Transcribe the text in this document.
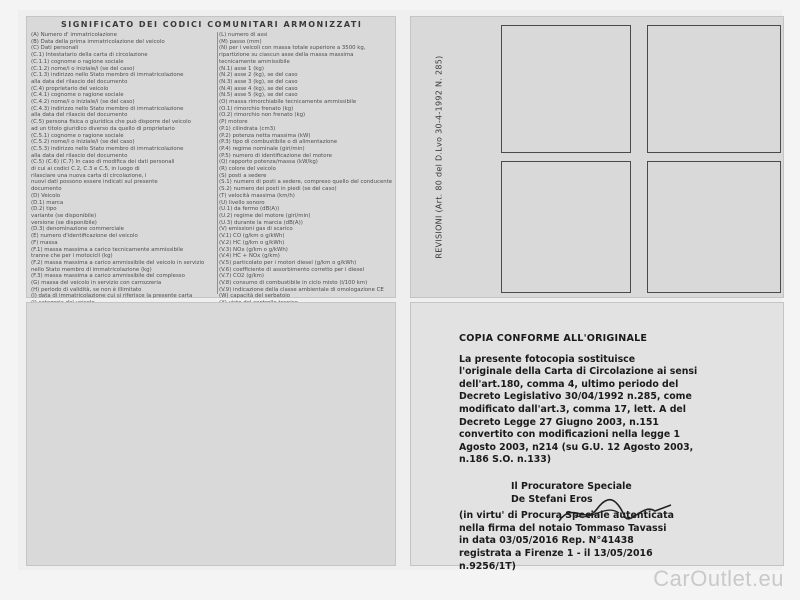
SIGNIFICATO DEI CODICI COMUNITARI ARMONIZZATI
(A) Numero d' immatricolazione
(B) Data della prima immatricolazione del veicolo
(C) Dati personali
(C.1) Intestatario della carta di circolazione
(C.1.1) cognome o ragione sociale
(C.1.2) nome/i o iniziale/i (se del caso)
(C.1.3) indirizzo nello Stato membro di immatricolazione
alla data del rilascio del documento
(C.4) proprietario del veicolo
(C.4.1) cognome o ragione sociale
(C.4.2) nome/i o iniziale/i (se del caso)
(C.4.3) indirizzo nello Stato membro di immatricolazione
alla data del rilascio del documento
(C.5) persona fisica o giuridica che può disporre del veicolo
ad un titolo giuridico diverso da quello di proprietario
(C.5.1) cognome o ragione sociale
(C.5.2) nome/i o iniziale/i (se del caso)
(C.5.3) indirizzo nello Stato membro di immatricolazione
alla data del rilascio del documento
(C.5) (C.6) (C.7) In caso di modifica dei dati personali
di cui ai codici C.2, C.3 e C.5, in luogo di
rilasciare una nuova carta di circolazione, i
nuovi dati possono essere indicati sul presente
documento
(D) Veicolo
(D.1) marca
(D.2) tipo
variante (se disponibile)
versione (se disponibile)
(D.3) denominazione commerciale
(E) numero d'identificazione del veicolo
(F) massa
(F.1) massa massima a carico tecnicamente ammissibile
tranne che per i motocicli (kg)
(F.2) massa massima a carico ammissibile del veicolo in servizio
nello Stato membro di immatricolazione (kg)
(F.3) massa massima a carico ammissibile del complesso
(G) massa del veicolo in servizio con carrozzeria
(H) periodo di validità, se non è illimitato
(I) data di immatricolazione cui si riferisce la presente carta
(L) numero di assi
(M) passo (mm)
(N) per i veicoli con massa totale superiore a 3500 kg,
ripartizione su ciascun asse della massa massima
tecnicamente ammissibile
(N.1) asse 1 (kg)
(N.2) asse 2 (kg), se del caso
(N.3) asse 3 (kg), se del caso
(N.4) asse 4 (kg), se del caso
(N.5) asse 5 (kg), se del caso
(O) massa rimorchiabile tecnicamente ammissibile
(O.1) rimorchio frenato (kg)
(O.2) rimorchio non frenato (kg)
(P) motore
(P.1) cilindrata (cm3)
(P.2) potenza netta massima (kW)
(P.3) tipo di combustibile o di alimentazione
(P.4) regime nominale (giri/min)
(P.5) numero di identificazione del motore
(Q) rapporto potenza/massa (kW/kg)
(R) colore del veicolo
(S) posti a sedere
(S.1) numero di posti a sedere, compreso quello del conducente
(S.2) numero dei posti in piedi (se del caso)
(T) velocità massima (km/h)
(U) livello sonoro
(U.1) da fermo (dB(A))
(U.2) regime del motore (giri/min)
(U.3) durante la marcia (dB(A))
(V) emissioni gas di scarico
(V.1) CO (g/km o g/kWh)
(V.2) HC (g/km o g/kWh)
(V.3) NOx (g/km o g/kWh)
(V.4) HC + NOx (g/km)
(V.5) particolato per i motori diesel (g/km o g/kWh)
(V.6) coefficiente di assorbimento corretto per i diesel
(V.7) CO2 (g/km)
(V.8) consumo di combustibile in ciclo misto (l/100 km)
(V.9) indicazione della classe ambientale di omologazione CE
(W) capacità del serbatoio
REVISIONI (Art. 80 del D.Lvo 30-4-1992 N. 285)
COPIA CONFORME ALL'ORIGINALE
La presente fotocopia sostituisce
l'originale della Carta di Circolazione ai sensi
dell'art.180, comma 4, ultimo periodo del
Decreto Legislativo 30/04/1992 n.285, come
modificato dall'art.3, comma 17, lett. A del
Decreto Legge 27 Giugno 2003, n.151
convertito con modificazioni nella legge 1
Agosto 2003, n214 (su G.U. 12 Agosto 2003,
n.186 S.O. n.133)
Il Procuratore Speciale
De Stefani Eros
(in virtu' di Procura Speciale autenticata
nella firma del notaio Tommaso Tavassi
in data 03/05/2016 Rep. N°41438
registrata a Firenze 1 - il 13/05/2016
n.9256/1T)	CarOutlet.eu
